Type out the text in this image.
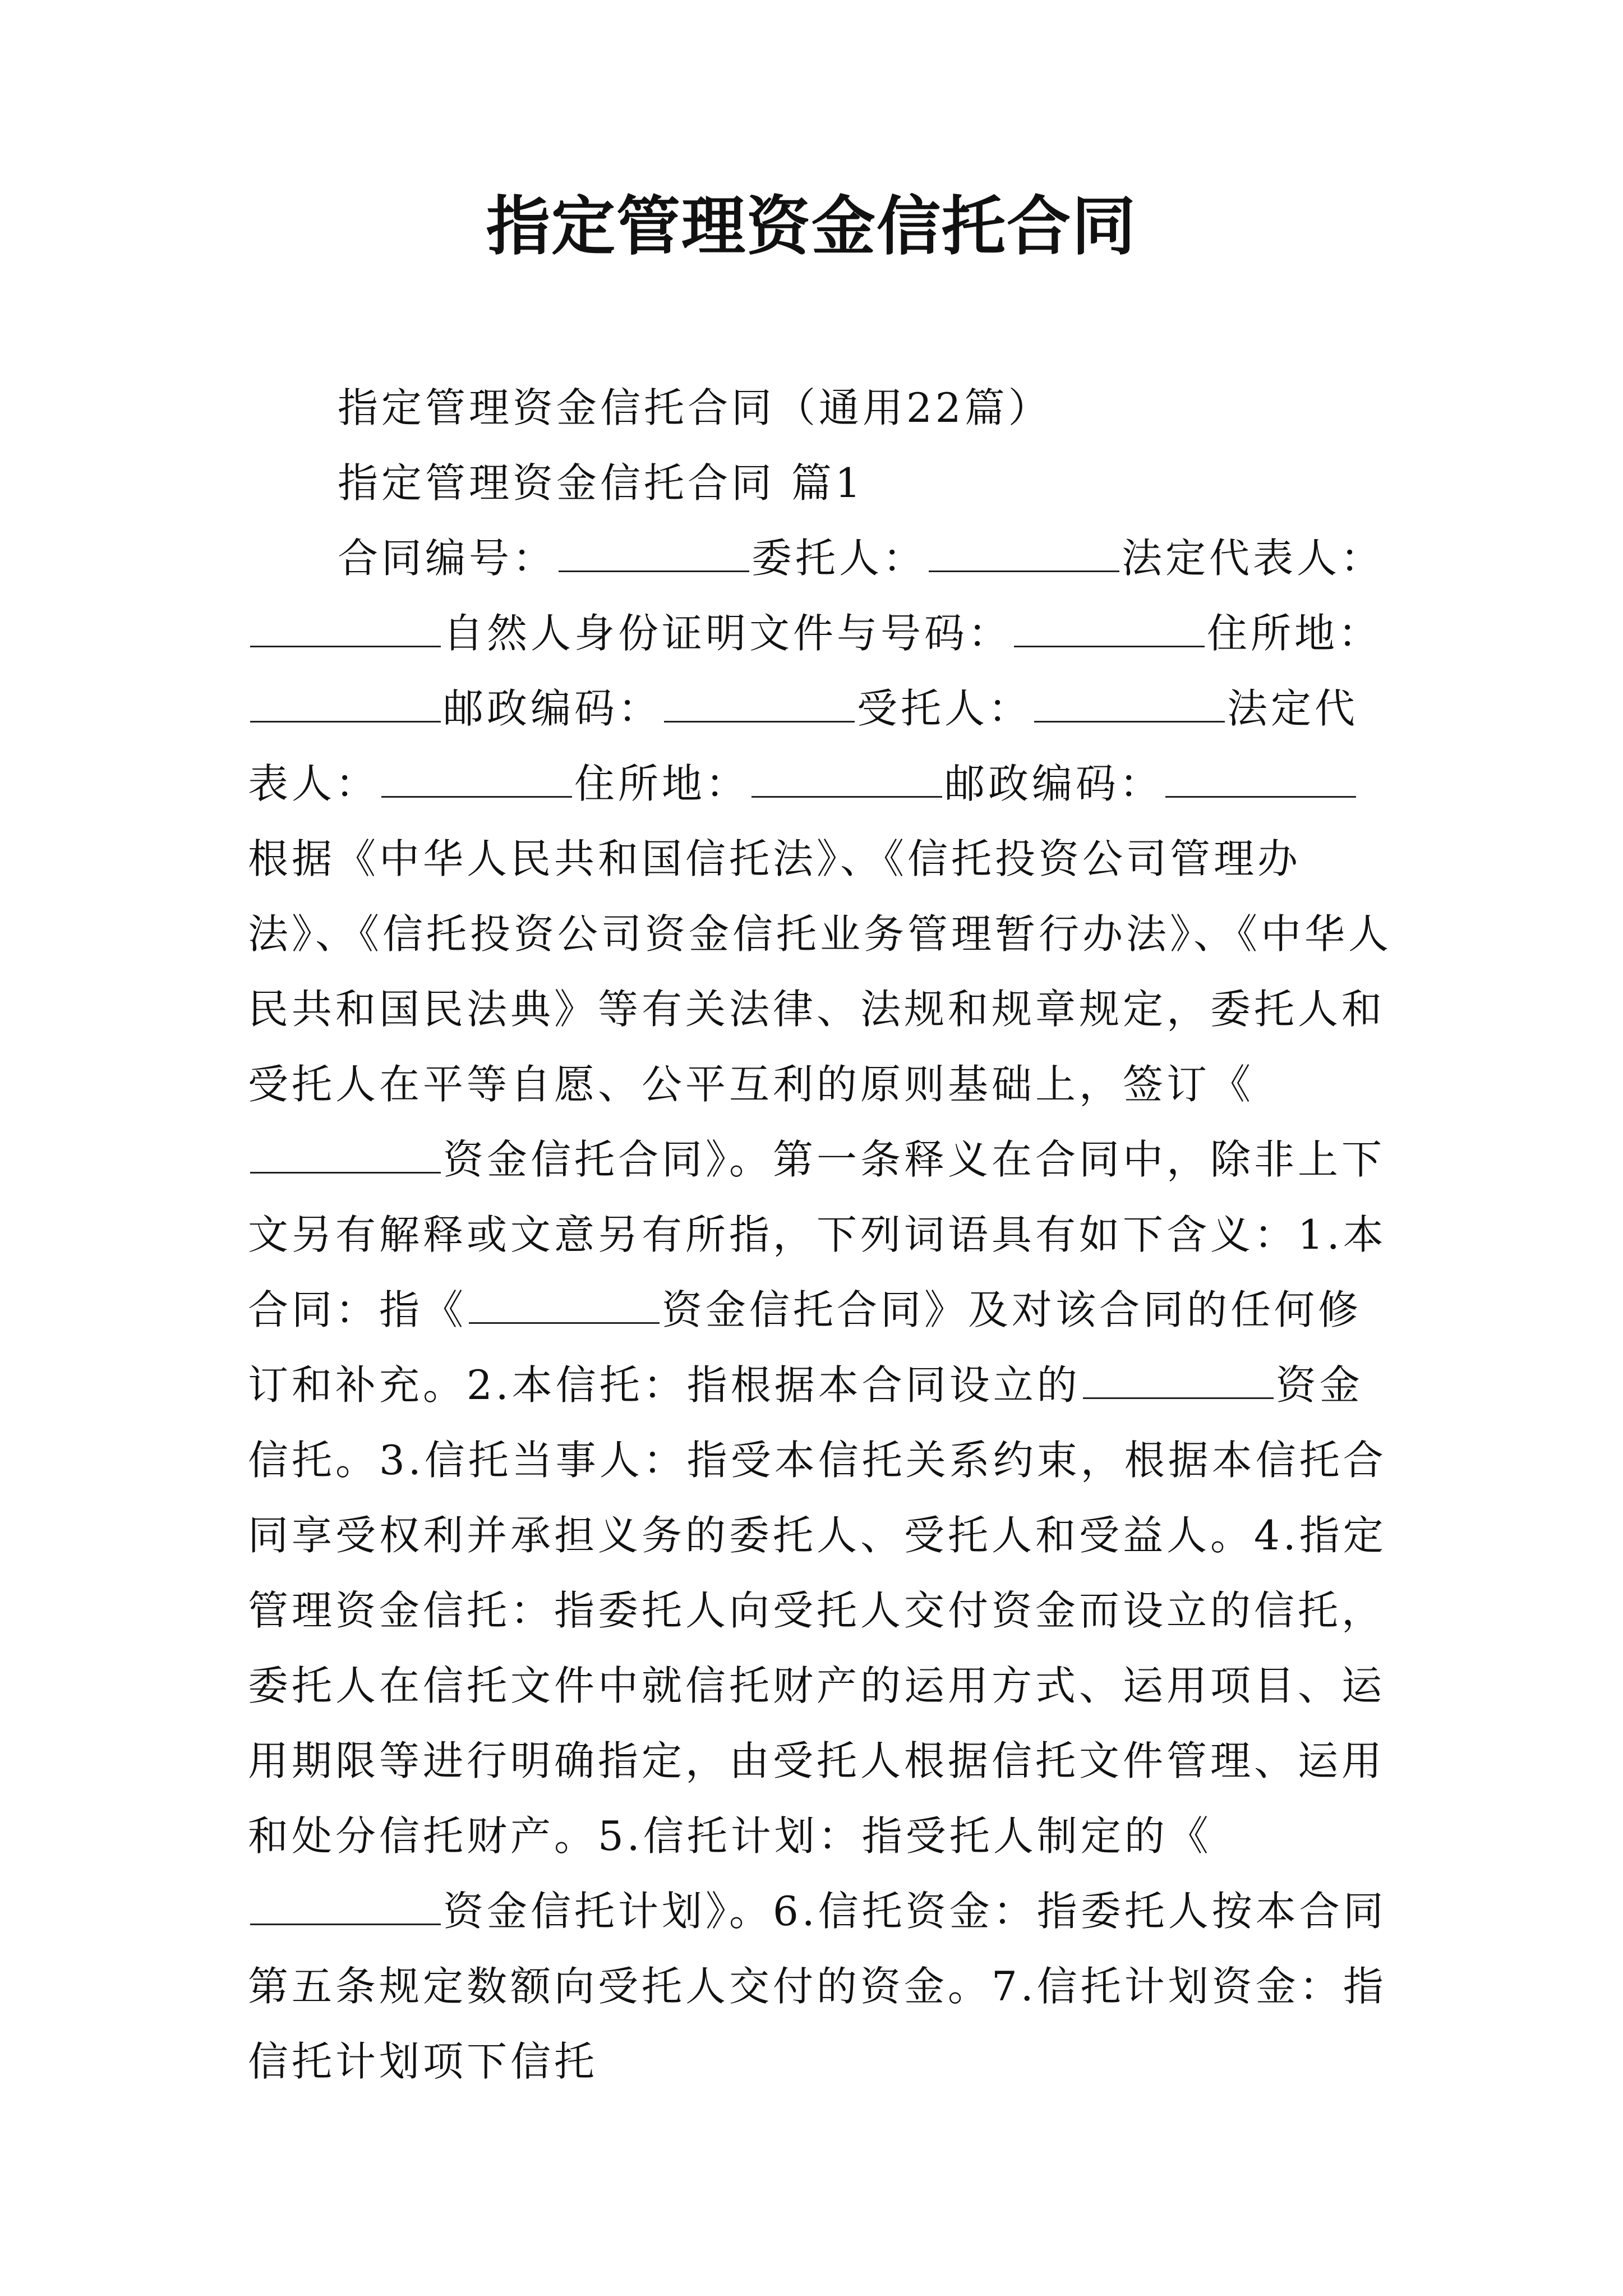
指定管理资金信托合同

指定管理资金信托合同（通用22篇）

指定管理资金信托合同 篇1

合同编号：	委托人：	法定代表人：自然人身份证明文件与号码：	住所地：邮政编码：	受托人：	法定代表人：	住所地：	邮政编码：

根据《中华人民共和国信托法》、《信托投资公司管理办法》、《信托投资公司资金信托业务管理暂行办法》、《中华人民共和国民法典》等有关法律、法规和规章规定，委托人和受托人在平等自愿、公平互利的原则基础上，签订《资金信托合同》。第一条释义在合同中，除非上下文另有解释或文意另有所指，下列词语具有如下含义：1.本合同：指《	资金信托合同》及对该合同的任何修订和补充。2.本信托：指根据本合同设立的	资金信托。3.信托当事人：指受本信托关系约束，根据本信托合同享受权利并承担义务的委托人、受托人和受益人。4.指定管理资金信托：指委托人向受托人交付资金而设立的信托，委托人在信托文件中就信托财产的运用方式、运用项目、运用期限等进行明确指定，由受托人根据信托文件管理、运用和处分信托财产。5.信托计划：指受托人制定的《资金信托计划》。6.信托资金：指委托人按本合同第五条规定数额向受托人交付的资金。7.信托计划资金：指信托计划项下信托
